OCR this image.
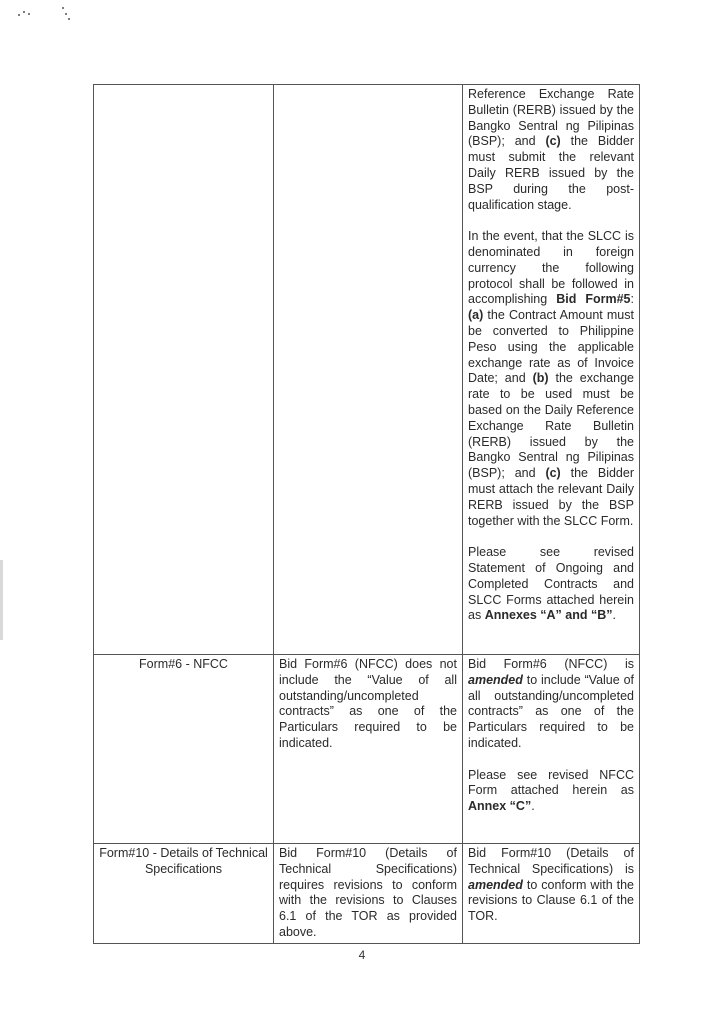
		Reference Exchange Rate Bulletin (RERB) issued by the Bangko Sentral ng Pilipinas (BSP); and (c) the Bidder must submit the relevant Daily RERB issued by the BSP during the post-qualification stage.

In the event, that the SLCC is denominated in foreign currency the following protocol shall be followed in accomplishing Bid Form#5: (a) the Contract Amount must be converted to Philippine Peso using the applicable exchange rate as of Invoice Date; and (b) the exchange rate to be used must be based on the Daily Reference Exchange Rate Bulletin (RERB) issued by the Bangko Sentral ng Pilipinas (BSP); and (c) the Bidder must attach the relevant Daily RERB issued by the BSP together with the SLCC Form.

Please see revised Statement of Ongoing and Completed Contracts and SLCC Forms attached herein as Annexes “A” and “B”.

Form#6 - NFCC	Bid Form#6 (NFCC) does not include the “Value of all outstanding/uncompleted contracts” as one of the Particulars required to be indicated.	Bid Form#6 (NFCC) is amended to include “Value of all outstanding/uncompleted contracts” as one of the Particulars required to be indicated.

Please see revised NFCC Form attached herein as Annex “C”.

Form#10 - Details of Technical Specifications	Bid Form#10 (Details of Technical Specifications) requires revisions to conform with the revisions to Clauses 6.1 of the TOR as provided above.	Bid Form#10 (Details of Technical Specifications) is amended to conform with the revisions to Clause 6.1 of the TOR.

4
